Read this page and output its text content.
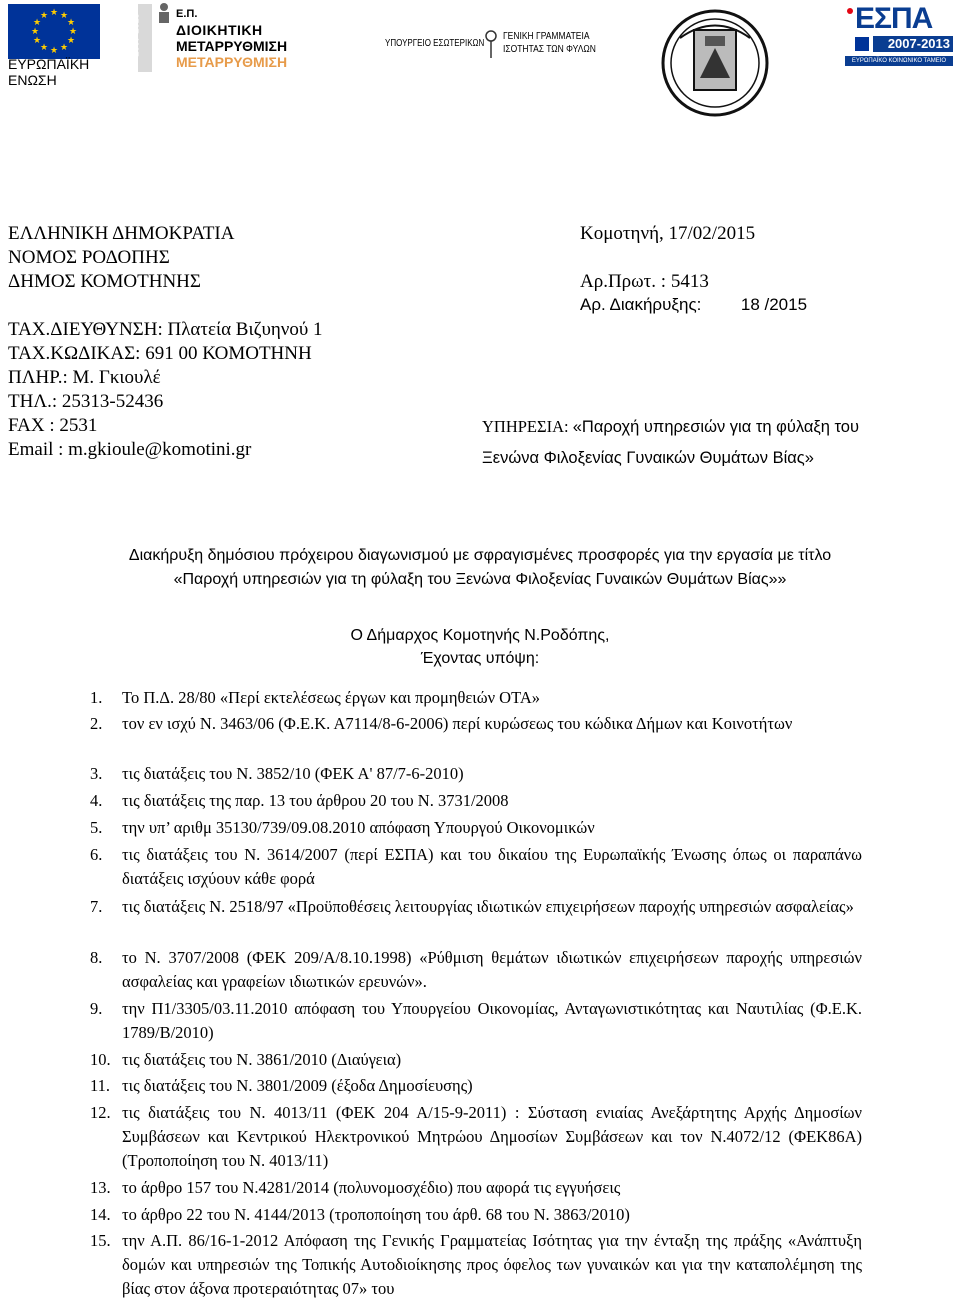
★ ★
★
★
★
★
★
★
★
★
★
★
ΕΥΡΩΠΑΪΚΗ
ΕΝΩΣΗ
2007-2013	Ε.Π.
ΔΙΟΙΚΗΤΙΚΗ
ΜΕΤΑΡΡΥΘΜΙΣΗ
ΜΕΤΑΡΡΥΘΜΙΣΗ
ΥΠΟΥΡΓΕΙΟ ΕΣΩΤΕΡΙΚΩΝ
ΓΕΝΙΚΗ ΓΡΑΜΜΑΤΕΙΑ
ΙΣΟΤΗΤΑΣ ΤΩΝ ΦΥΛΩΝ
ΕΣΠΑ
2007-2013
ΕΥΡΩΠΑΪΚΟ ΚΟΙΝΩΝΙΚΟ ΤΑΜΕΙΟ
ΕΛΛΗΝΙΚΗ ΔΗΜΟΚΡΑΤΙΑ
ΝΟΜΟΣ ΡΟΔΟΠΗΣ
ΔΗΜΟΣ ΚΟΜΟΤΗΝΗΣ
ΤΑΧ.ΔΙΕΥΘΥΝΣΗ: Πλατεία Βιζυηνού 1
ΤΑΧ.ΚΩΔΙΚΑΣ: 691 00 ΚΟΜΟΤΗΝΗ
ΠΛΗΡ.: Μ. Γκιουλέ
ΤΗΛ.: 25313-52436
FAX : 2531
Email : m.gkioule@komotini.gr
Κομοτηνή, 17/02/2015
Αρ.Πρωτ. : 5413
Αρ. Διακήρυξης: 18 /2015
ΥΠΗΡΕΣΙΑ: «Παροχή υπηρεσιών για τη φύλαξη του
Ξενώνα Φιλοξενίας Γυναικών Θυμάτων Βίας»
Διακήρυξη δημόσιου πρόχειρου διαγωνισμού με σφραγισμένες προσφορές για την εργασία με τίτλο
«Παροχή υπηρεσιών για τη φύλαξη του Ξενώνα Φιλοξενίας Γυναικών Θυμάτων Βίας»»
Ο Δήμαρχος Κομοτηνής Ν.Ροδόπης,
Έχοντας υπόψη:
1. Το Π.Δ. 28/80 «Περί εκτελέσεως έργων και προμηθειών ΟΤΑ»
2. τον εν ισχύ Ν. 3463/06 (Φ.Ε.Κ. Α7114/8-6-2006) περί κυρώσεως του κώδικα Δήμων και Κοινοτήτων
3. τις διατάξεις του Ν. 3852/10 (ΦΕΚ Α' 87/7-6-2010)
4. τις διατάξεις της παρ. 13 του άρθρου 20 του Ν. 3731/2008
5. την υπ’ αριθμ 35130/739/09.08.2010 απόφαση Υπουργού Οικονομικών
6. τις διατάξεις του Ν. 3614/2007 (περί ΕΣΠΑ) και του δικαίου της Ευρωπαϊκής Ένωσης όπως οι παραπάνω διατάξεις ισχύουν κάθε φορά
7. τις διατάξεις Ν. 2518/97 «Προϋποθέσεις λειτουργίας ιδιωτικών επιχειρήσεων παροχής υπηρεσιών ασφαλείας»
8. το Ν. 3707/2008 (ΦΕΚ 209/Α/8.10.1998) «Ρύθμιση θεμάτων ιδιωτικών επιχειρήσεων παροχής υπηρεσιών ασφαλείας και γραφείων ιδιωτικών ερευνών».
9. την Π1/3305/03.11.2010 απόφαση του Υπουργείου Οικονομίας, Ανταγωνιστικότητας και Ναυτιλίας (Φ.Ε.Κ. 1789/Β/2010)
10. τις διατάξεις του Ν. 3861/2010 (Διαύγεια)
11. τις διατάξεις του Ν. 3801/2009 (έξοδα Δημοσίευσης)
12. τις διατάξεις του Ν. 4013/11 (ΦΕΚ 204 Α/15-9-2011) : Σύσταση ενιαίας Ανεξάρτητης Αρχής Δημοσίων Συμβάσεων και Κεντρικού Ηλεκτρονικού Μητρώου Δημοσίων Συμβάσεων και τον Ν.4072/12 (ΦΕΚ86Α) (Τροποποίηση του Ν. 4013/11)
13. το άρθρο 157 του Ν.4281/2014 (πολυνομοσχέδιο) που αφορά τις εγγυήσεις
14. το άρθρο 22 του Ν. 4144/2013 (τροποποίηση του άρθ. 68 του Ν. 3863/2010)
15. την Α.Π. 86/16-1-2012 Απόφαση της Γενικής Γραμματείας Ισότητας για την ένταξη της πράξης «Ανάπτυξη δομών και υπηρεσιών της Τοπικής Αυτοδιοίκησης προς όφελος των γυναικών και για την καταπολέμηση της βίας στον άξονα προτεραιότητας 07» του
